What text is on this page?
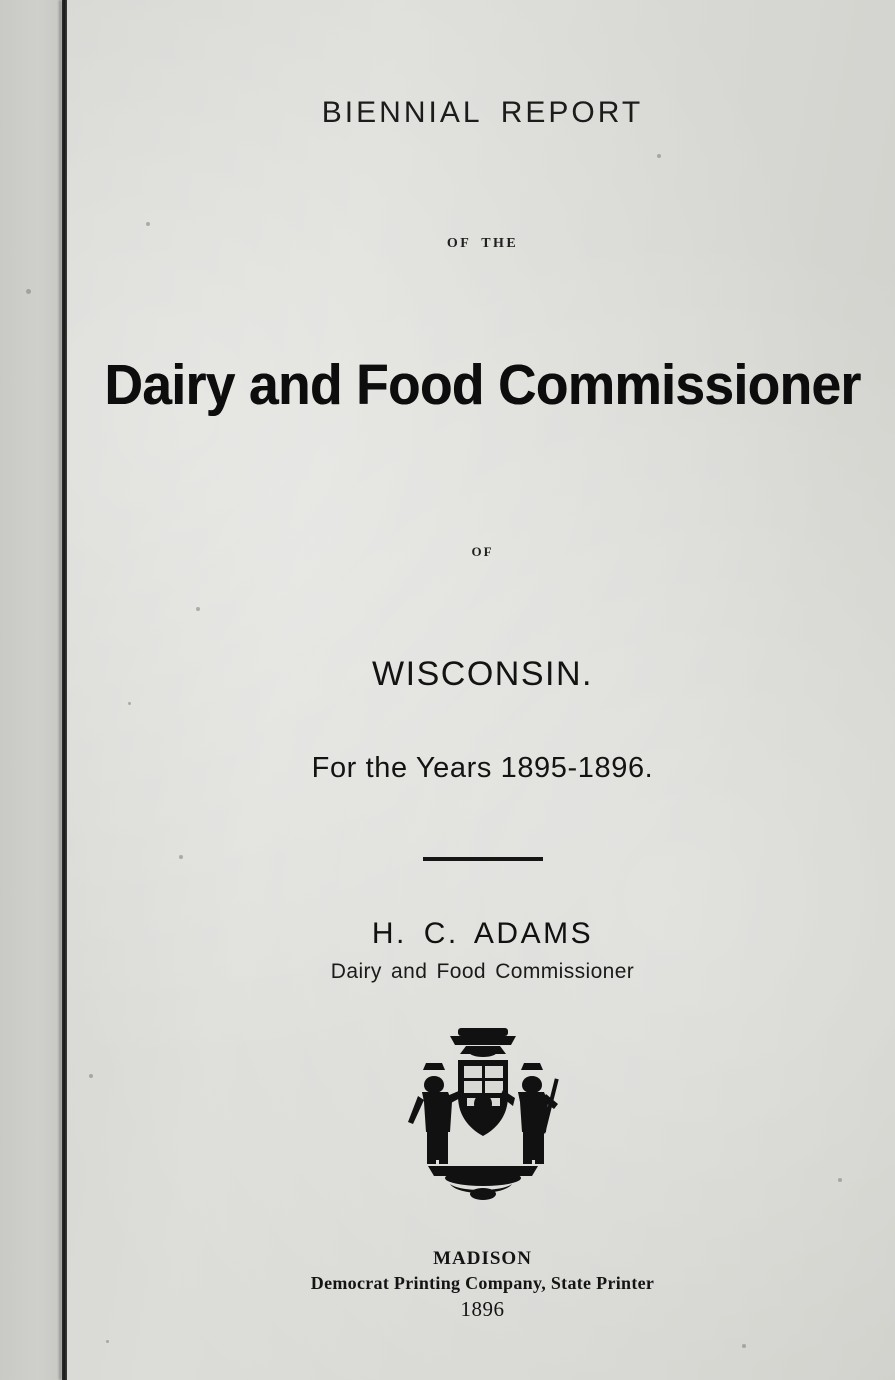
BIENNIAL REPORT
OF THE
Dairy and Food Commissioner
OF
WISCONSIN.
For the Years 1895-1896.
H. C. ADAMS
Dairy and Food Commissioner
MADISON
Democrat Printing Company, State Printer
1896
